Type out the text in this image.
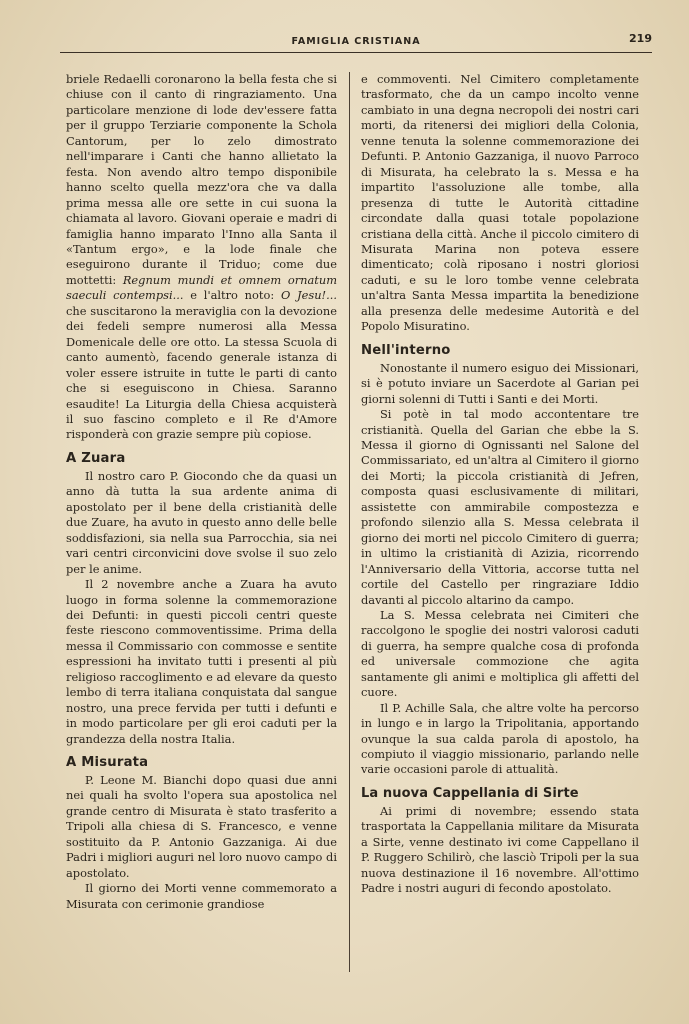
FAMIGLIA CRISTIANA	219

briele Redaelli coronarono la bella festa che si chiuse con il canto di ringraziamento. Una particolare menzione di lode dev'essere fatta per il gruppo Terziarie componente la Schola Cantorum, per lo zelo dimostrato nell'imparare i Canti che hanno allietato la festa. Non avendo altro tempo disponibile hanno scelto quella mezz'ora che va dalla prima messa alle ore sette in cui suona la chiamata al lavoro. Giovani operaie e madri di famiglia hanno imparato l'Inno alla Santa il «Tantum ergo», e la lode finale che eseguirono durante il Triduo; come due mottetti: Regnum mundi et omnem ornatum saeculi contempsi... e l'altro noto: O Jesu!... che suscitarono la meraviglia con la devozione dei fedeli sempre numerosi alla Messa Domenicale delle ore otto. La stessa Scuola di canto aumentò, facendo generale istanza di voler essere istruite in tutte le parti di canto che si eseguiscono in Chiesa. Saranno esaudite! La Liturgia della Chiesa acquisterà il suo fascino completo e il Re d'Amore risponderà con grazie sempre più copiose.

A Zuara

Il nostro caro P. Giocondo che da quasi un anno dà tutta la sua ardente anima di apostolato per il bene della cristianità delle due Zuare, ha avuto in questo anno delle belle soddisfazioni, sia nella sua Parrocchia, sia nei vari centri circonvicini dove svolse il suo zelo per le anime.

Il 2 novembre anche a Zuara ha avuto luogo in forma solenne la commemorazione dei Defunti: in questi piccoli centri queste feste riescono commoventissime. Prima della messa il Commissario con commosse e sentite espressioni ha invitato tutti i presenti al più religioso raccoglimento e ad elevare da questo lembo di terra italiana conquistata dal sangue nostro, una prece fervida per tutti i defunti e in modo particolare per gli eroi caduti per la grandezza della nostra Italia.

A Misurata

P. Leone M. Bianchi dopo quasi due anni nei quali ha svolto l'opera sua apostolica nel grande centro di Misurata è stato trasferito a Tripoli alla chiesa di S. Francesco, e venne sostituito da P. Antonio Gazzaniga. Ai due Padri i migliori auguri nel loro nuovo campo di apostolato.

Il giorno dei Morti venne commemorato a Misurata con cerimonie grandiose

e commoventi. Nel Cimitero completamente trasformato, che da un campo incolto venne cambiato in una degna necropoli dei nostri cari morti, da ritenersi dei migliori della Colonia, venne tenuta la solenne commemorazione dei Defunti. P. Antonio Gazzaniga, il nuovo Parroco di Misurata, ha celebrato la s. Messa e ha impartito l'assoluzione alle tombe, alla presenza di tutte le Autorità cittadine circondate dalla quasi totale popolazione cristiana della città. Anche il piccolo cimitero di Misurata Marina non poteva essere dimenticato; colà riposano i nostri gloriosi caduti, e su le loro tombe venne celebrata un'altra Santa Messa impartita la benedizione alla presenza delle medesime Autorità e del Popolo Misuratino.

Nell'interno

Nonostante il numero esiguo dei Missionari, si è potuto inviare un Sacerdote al Garian pei giorni solenni di Tutti i Santi e dei Morti.

Si potè in tal modo accontentare tre cristianità. Quella del Garian che ebbe la S. Messa il giorno di Ognissanti nel Salone del Commissariato, ed un'altra al Cimitero il giorno dei Morti; la piccola cristianità di Jefren, composta quasi esclusivamente di militari, assistette con ammirabile compostezza e profondo silenzio alla S. Messa celebrata il giorno dei morti nel piccolo Cimitero di guerra; in ultimo la cristianità di Azizia, ricorrendo l'Anniversario della Vittoria, accorse tutta nel cortile del Castello per ringraziare Iddio davanti al piccolo altarino da campo.

La S. Messa celebrata nei Cimiteri che raccolgono le spoglie dei nostri valorosi caduti di guerra, ha sempre qualche cosa di profonda ed universale commozione che agita santamente gli animi e moltiplica gli affetti del cuore.

Il P. Achille Sala, che altre volte ha percorso in lungo e in largo la Tripolitania, apportando ovunque la sua calda parola di apostolo, ha compiuto il viaggio missionario, parlando nelle varie occasioni parole di attualità.

La nuova Cappellania di Sirte

Ai primi di novembre; essendo stata trasportata la Cappellania militare da Misurata a Sirte, venne destinato ivi come Cappellano il P. Ruggero Schilirò, che lasciò Tripoli per la sua nuova destinazione il 16 novembre. All'ottimo Padre i nostri auguri di fecondo apostolato.
